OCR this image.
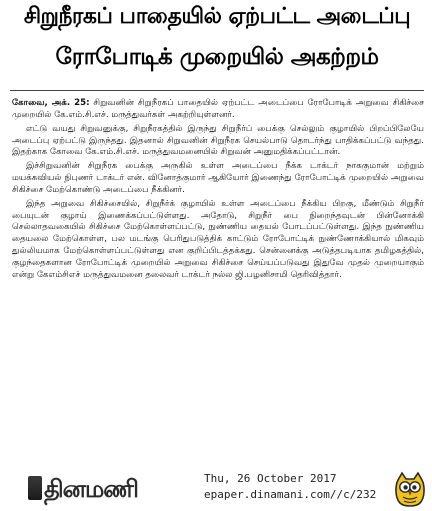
சிறுநீரகப் பாதையில் ஏற்பட்ட அடைப்பு
ரோபோடிக் முறையில் அகற்றம்

கோவை, அக். 25: சிறுவனின் சிறுநீரகப் பாதையில் ஏற்பட்ட அடைப்பை ரோபோடிக் அறுவை சிகிச்சை முறையில் கே.எம்.சி.எச். மருத்துவர்கள் அகற்றியுள்ளனர்.

எட்டு வயது சிறுவனுக்கு, சிறுநீரகத்தில் இருந்து சிறுநீர்ப் பைக்கு செல்லும் குழாயில் பிறப்பிலேயே அடைப்பு ஏற்பட்டு இருந்தது. இதனால் சிறுவனின் சிறுநீரக செயல்பாடு தொடர்ந்து பாதிக்கப்பட்டு வந்தது. இதற்காக கோவை கே.எம்.சி.எச். மருத்துவமனையில் சிறுவன் அனுமதிக்கப்பட்டான்.

இச்சிறுவனின் சிறுநீரக பைக்கு அருகில் உள்ள அடைப்பை நீக்க டாக்டர் நாககுமான் மற்றும் மயக்கவியல் நிபுணர் டாக்டர் என். வினோத்குமார் ஆகியோர் இணைந்து ரோபோட்டிக் முறையில் அறுவை சிகிச்சை மேற்கொண்டு அடைப்பை நீக்கினர்.

இந்த அறுவை சிகிச்சையில், சிறுநீர்க் குழாயில் உள்ள அடைப்பை நீக்கிய பிறகு, மீண்டும் சிறுநீர் பையுடன் குழாய் இணைக்கப்பட்டுள்ளது. அதோடு, சிறுநீர் பை நிறைந்தவுடன் பின்னோக்கி செல்லாதவகையில் சிகிச்சை மேற்கொள்ளப்பட்டு, நுண்ணிய தையல் போடப்பட்டுள்ளது. இந்த நுண்ணிய தையலை மேற்கொள்ள, பல மடங்கு பெரிதுபடுத்திக் காட்டும் ரோபோட்டிக் நுண்ணோக்கியால் மிகவும் துல்லியமாக மேற்கொள்ளப்பட்டுள்ளது என குறிப்பிடத்தக்கது. சென்னைக்கு அடுத்தபடியாக தமிழகத்தில், குழந்தைகளான ரோபோட்டிக் முறையில் அறுவை சிகிச்சை செய்யப்படுவது இதுவே முதல் முறையாகும் என்று கேஎம்சிஎச் மருத்துவமனை தலைவர் டாக்டர் நல்ல ஜி.பழனிசாமி தெரிவித்தார்.

தினமணி	Thu, 26 October 2017
epaper.dinamani.com//c/232
